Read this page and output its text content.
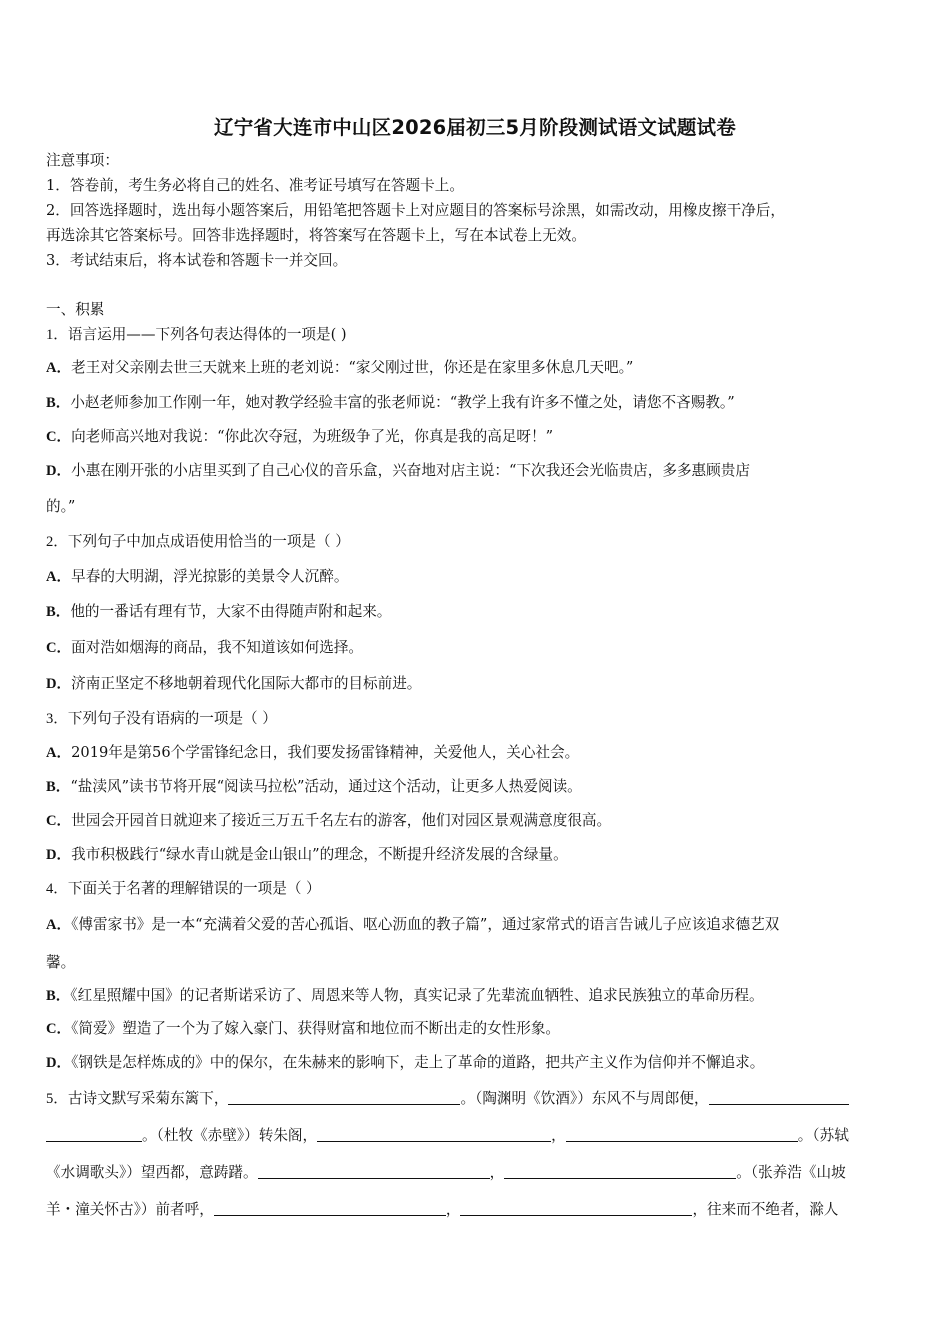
辽宁省大连市中山区2026届初三5月阶段测试语文试题试卷
注意事项：
1．答卷前，考生务必将自己的姓名、准考证号填写在答题卡上。
2．回答选择题时，选出每小题答案后，用铅笔把答题卡上对应题目的答案标号涂黑，如需改动，用橡皮擦干净后，
再选涂其它答案标号。回答非选择题时，将答案写在答题卡上，写在本试卷上无效。
3．考试结束后，将本试卷和答题卡一并交回。
一、积累
1．语言运用——下列各句表达得体的一项是( )
A．老王对父亲刚去世三天就来上班的老刘说：“家父刚过世，你还是在家里多休息几天吧。”
B．小赵老师参加工作刚一年，她对教学经验丰富的张老师说：“教学上我有许多不懂之处，请您不吝赐教。”
C．向老师高兴地对我说：“你此次夺冠，为班级争了光，你真是我的高足呀！”
D．小惠在刚开张的小店里买到了自己心仪的音乐盒，兴奋地对店主说：“下次我还会光临贵店，多多惠顾贵店
的。”
2．下列句子中加点成语使用恰当的一项是（ ）
A．早春的大明湖，浮光掠影的美景令人沉醉。
B．他的一番话有理有节，大家不由得随声附和起来。
C．面对浩如烟海的商品，我不知道该如何选择。
D．济南正坚定不移地朝着现代化国际大都市的目标前进。
3．下列句子没有语病的一项是（ ）
A．2019年是第56个学雷锋纪念日，我们要发扬雷锋精神，关爱他人，关心社会。
B．“盐渎风”读书节将开展“阅读马拉松”活动，通过这个活动，让更多人热爱阅读。
C．世园会开园首日就迎来了接近三万五千名左右的游客，他们对园区景观满意度很高。
D．我市积极践行“绿水青山就是金山银山”的理念，不断提升经济发展的含绿量。
4．下面关于名著的理解错误的一项是（ ）
A．《傅雷家书》是一本“充满着父爱的苦心孤诣、呕心沥血的教子篇”，通过家常式的语言告诫儿子应该追求德艺双
馨。
B．《红星照耀中国》的记者斯诺采访了、周恩来等人物，真实记录了先辈流血牺牲、追求民族独立的革命历程。
C．《简爱》塑造了一个为了嫁入豪门、获得财富和地位而不断出走的女性形象。
D．《钢铁是怎样炼成的》中的保尔，在朱赫来的影响下，走上了革命的道路，把共产主义作为信仰并不懈追求。
5．古诗文默写采菊东篱下，	。（陶渊明《饮酒》）东风不与周郎便，
。（杜牧《赤壁》）转朱阁，	，	。（苏轼
《水调歌头》）望西都，意踌躇。	，	。（张养浩《山坡
羊・潼关怀古》）前者呼，	，	，往来而不绝者，滁人
